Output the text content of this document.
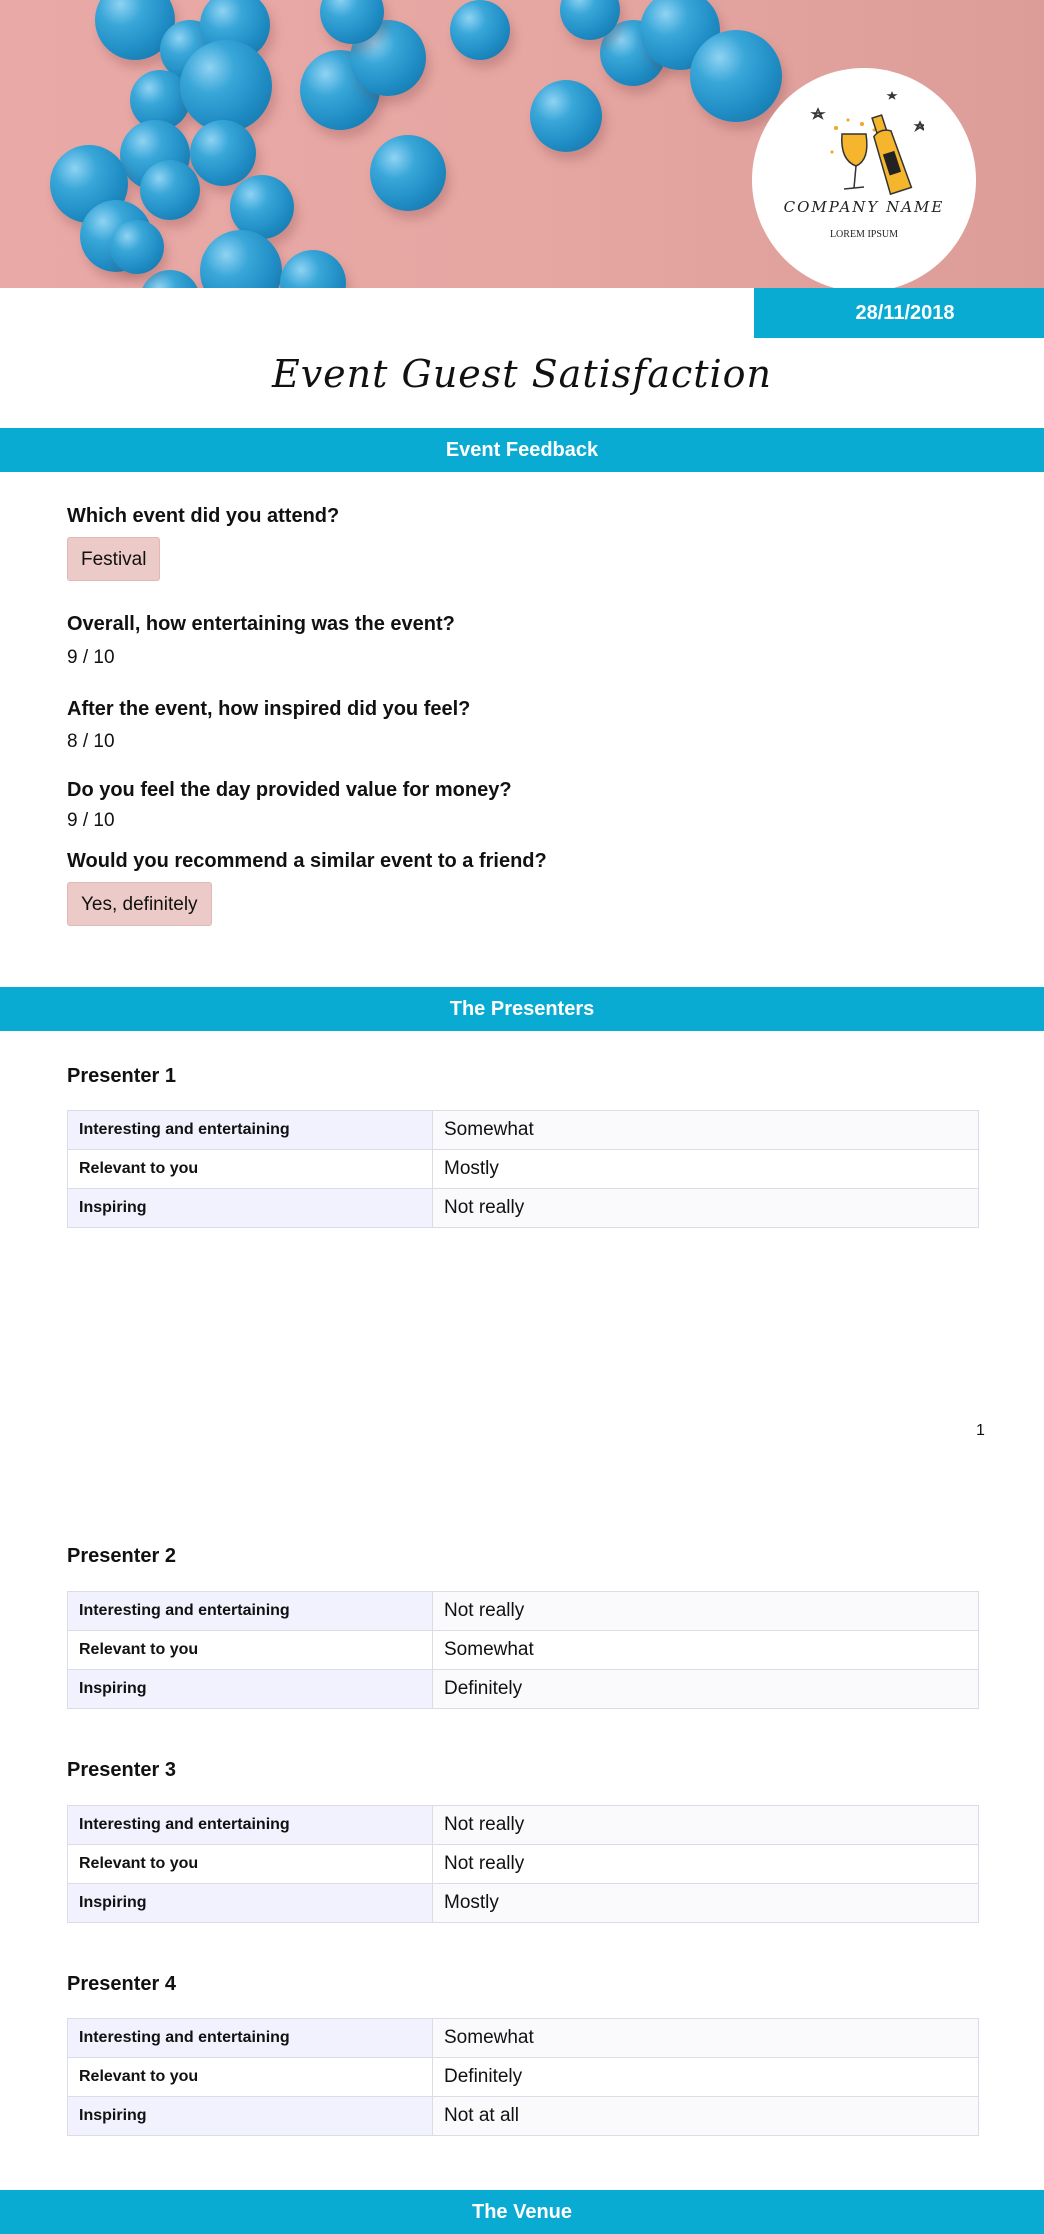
COMPANY NAME
LOREM IPSUM
28/11/2018
Event Guest Satisfaction
Event Feedback
Which event did you attend?
Festival
Overall, how entertaining was the event?
9 / 10
After the event, how inspired did you feel?
8 / 10
Do you feel the day provided value for money?
9 / 10
Would you recommend a similar event to a friend?
Yes, definitely
The Presenters
Presenter 1
Interesting and entertaining	Somewhat
Relevant to you	Mostly
Inspiring	Not really
1
Presenter 2
Interesting and entertaining	Not really
Relevant to you	Somewhat
Inspiring	Definitely
Presenter 3
Interesting and entertaining	Not really
Relevant to you	Not really
Inspiring	Mostly
Presenter 4
Interesting and entertaining	Somewhat
Relevant to you	Definitely
Inspiring	Not at all
The Venue
